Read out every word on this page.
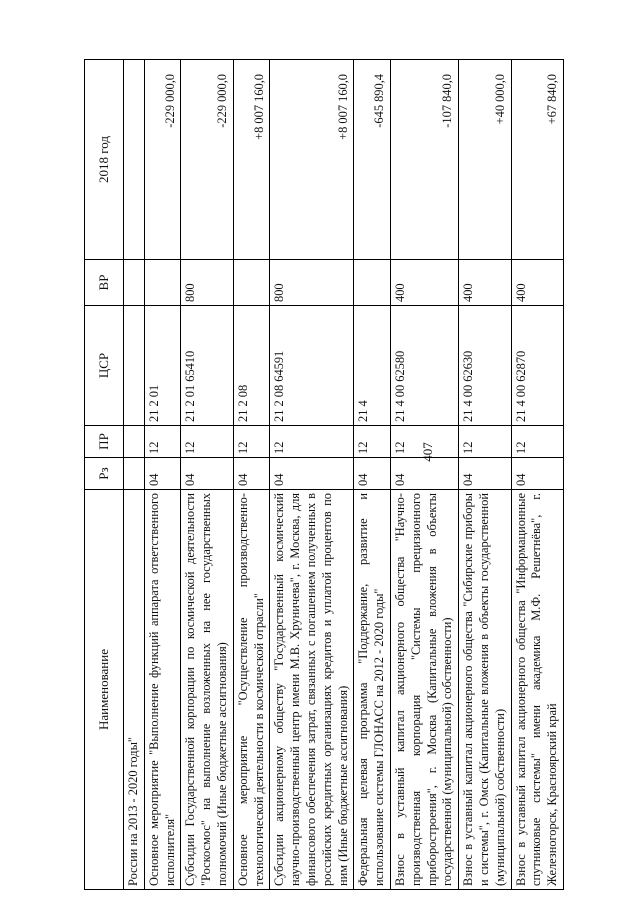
407
Наименование	Рз	ПР	ЦСР	ВР	2018 год
России на 2013 - 2020 годы"					
Основное мероприятие "Выполнение функций аппарата ответственного исполнителя"	04	12	21 2 01		-229 000,0
Субсидии Государственной корпорации по космической деятельности "Роскосмос" на выполнение возложенных на нее государственных полномочий (Иные бюджетные ассигнования)	04	12	21 2 01 65410	800	-229 000,0
Основное мероприятие "Осуществление производственно-технологической деятельности в космической отрасли"	04	12	21 2 08		+8 007 160,0
Субсидии акционерному обществу "Государственный космический научно-производственный центр имени М.В. Хруничева", г. Москва, для финансового обеспечения затрат, связанных с погашением полученных в российских кредитных организациях кредитов и уплатой процентов по ним (Иные бюджетные ассигнования)	04	12	21 2 08 64591	800	+8 007 160,0
Федеральная целевая программа "Поддержание, развитие и использование системы ГЛОНАСС на 2012 - 2020 годы"	04	12	21 4		-645 890,4
Взнос в уставный капитал акционерного общества "Научно-производственная корпорация "Системы прецизионного приборостроения", г. Москва (Капитальные вложения в объекты государственной (муниципальной) собственности)	04	12	21 4 00 62580	400	-107 840,0
Взнос в уставный капитал акционерного общества "Сибирские приборы и системы", г. Омск (Капитальные вложения в объекты государственной (муниципальной) собственности)	04	12	21 4 00 62630	400	+40 000,0
Взнос в уставный капитал акционерного общества "Информационные спутниковые системы" имени академика М.Ф. Решетнёва", г. Железногорск, Красноярский край	04	12	21 4 00 62870	400	+67 840,0
